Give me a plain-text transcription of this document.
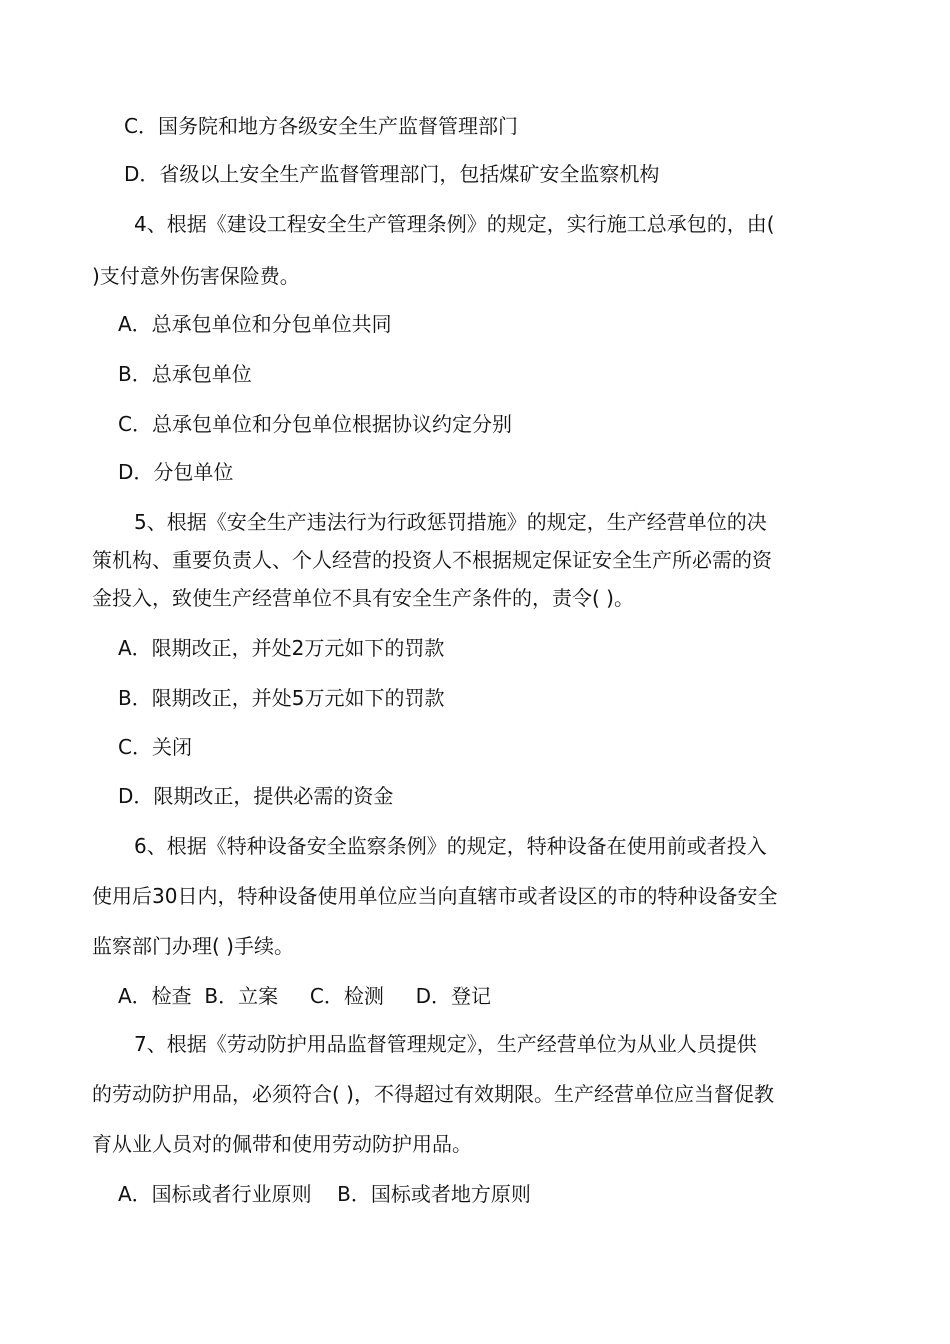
C．国务院和地方各级安全生产监督管理部门
D．省级以上安全生产监督管理部门，包括煤矿安全监察机构
4、根据《建设工程安全生产管理条例》的规定，实行施工总承包的，由(
)支付意外伤害保险费。
A．总承包单位和分包单位共同
B．总承包单位
C．总承包单位和分包单位根据协议约定分别
D．分包单位
5、根据《安全生产违法行为行政惩罚措施》的规定，生产经营单位的决
策机构、重要负责人、个人经营的投资人不根据规定保证安全生产所必需的资
金投入，致使生产经营单位不具有安全生产条件的，责令( )。
A．限期改正，并处2万元如下的罚款
B．限期改正，并处5万元如下的罚款
C．关闭
D．限期改正，提供必需的资金
6、根据《特种设备安全监察条例》的规定，特种设备在使用前或者投入
使用后30日内，特种设备使用单位应当向直辖市或者设区的市的特种设备安全
监察部门办理( )手续。
A．检查  B．立案     C．检测     D．登记
7、根据《劳动防护用品监督管理规定》，生产经营单位为从业人员提供
的劳动防护用品，必须符合( )，不得超过有效期限。生产经营单位应当督促教
育从业人员对的佩带和使用劳动防护用品。
A．国标或者行业原则    B．国标或者地方原则
